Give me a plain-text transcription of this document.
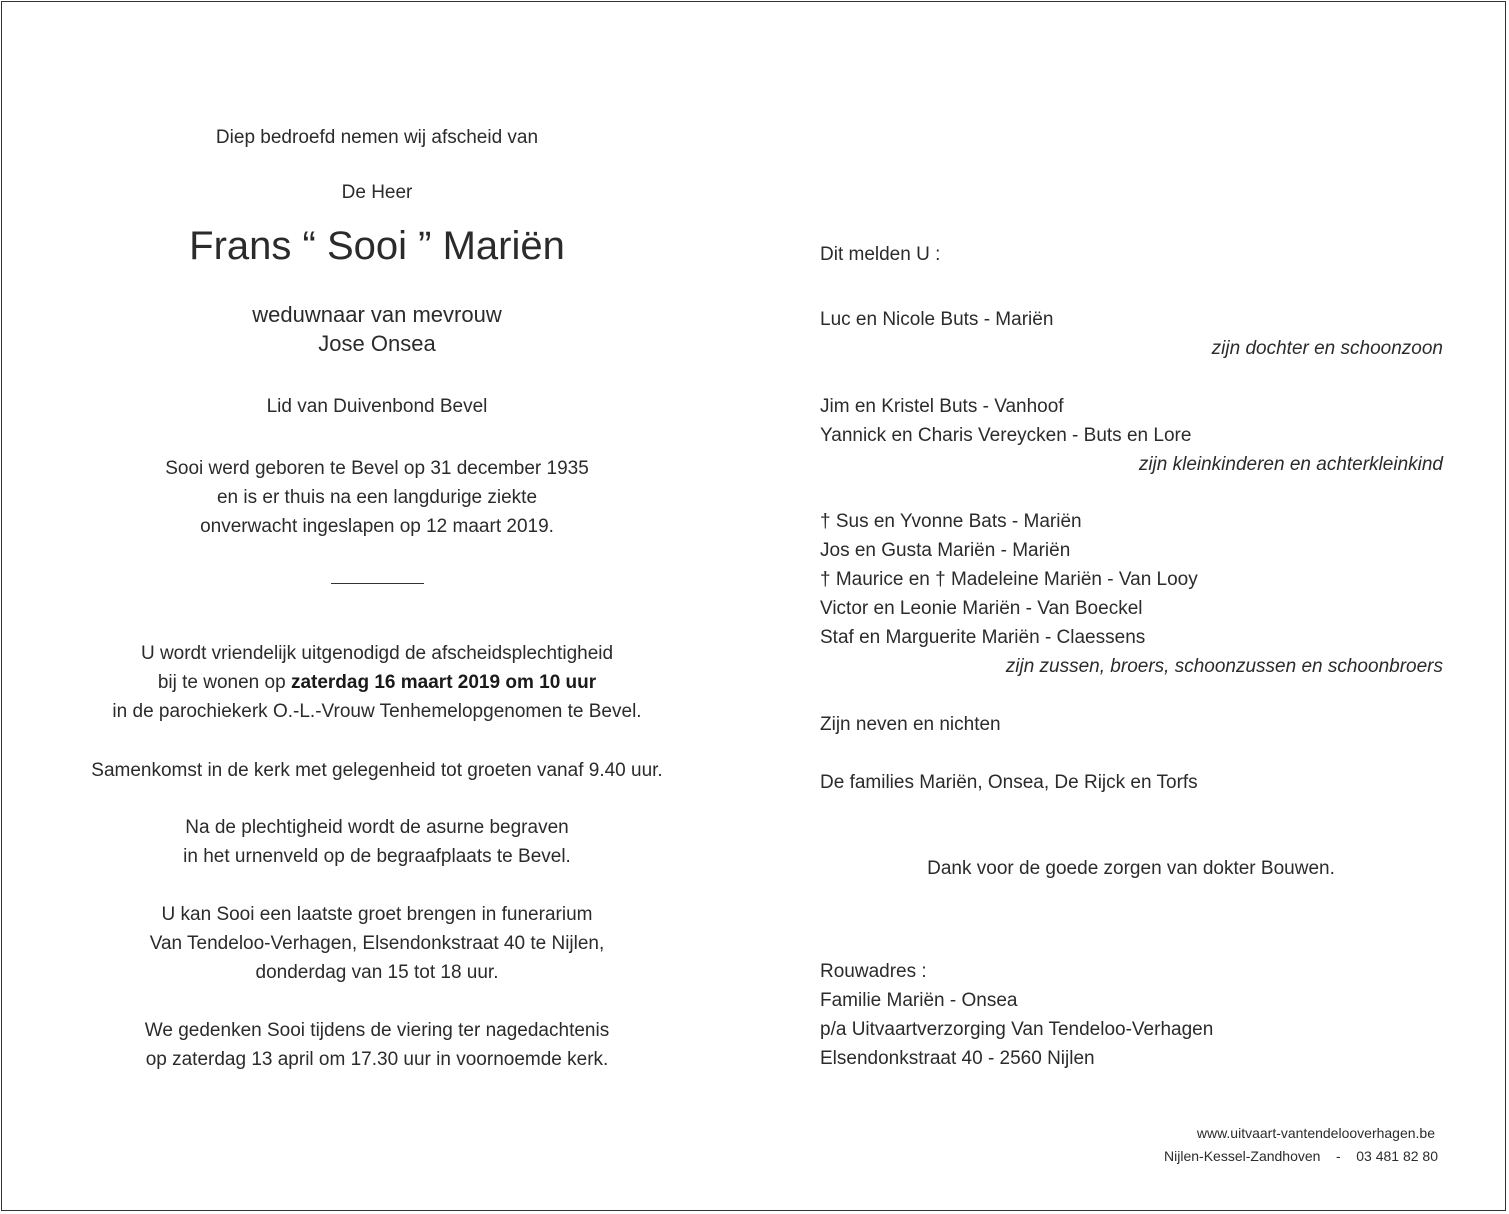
Diep bedroefd nemen wij afscheid van
De Heer
Frans “ Sooi ” Mariën
weduwnaar van mevrouw
Jose Onsea
Lid van Duivenbond Bevel
Sooi werd geboren te Bevel op 31 december 1935
en is er thuis na een langdurige ziekte
onverwacht ingeslapen op 12 maart 2019.
U wordt vriendelijk uitgenodigd de afscheidsplechtigheid
bij te wonen op zaterdag 16 maart 2019 om 10 uur
in de parochiekerk O.-L.-Vrouw Tenhemelopgenomen te Bevel.
Samenkomst in de kerk met gelegenheid tot groeten vanaf 9.40 uur.
Na de plechtigheid wordt de asurne begraven
in het urnenveld op de begraafplaats te Bevel.
U kan Sooi een laatste groet brengen in funerarium
Van Tendeloo-Verhagen, Elsendonkstraat 40 te Nijlen,
donderdag van 15 tot 18 uur.
We gedenken Sooi tijdens de viering ter nagedachtenis
op zaterdag 13 april om 17.30 uur in voornoemde kerk.
Dit melden U :
Luc en Nicole Buts - Mariën
zijn dochter en schoonzoon
Jim en Kristel Buts - Vanhoof
Yannick en Charis Vereycken - Buts en Lore
zijn kleinkinderen en achterkleinkind
† Sus en Yvonne Bats - Mariën
Jos en Gusta Mariën - Mariën
† Maurice en † Madeleine Mariën - Van Looy
Victor en Leonie Mariën - Van Boeckel
Staf en Marguerite Mariën - Claessens
zijn zussen, broers, schoonzussen en schoonbroers
Zijn neven en nichten
De families Mariën, Onsea, De Rijck en Torfs
Dank voor de goede zorgen van dokter Bouwen.
Rouwadres :
Familie Mariën - Onsea
p/a Uitvaartverzorging Van Tendeloo-Verhagen
Elsendonkstraat 40 - 2560 Nijlen
www.uitvaart-vantendelooverhagen.be
Nijlen-Kessel-Zandhoven - 03 481 82 80
